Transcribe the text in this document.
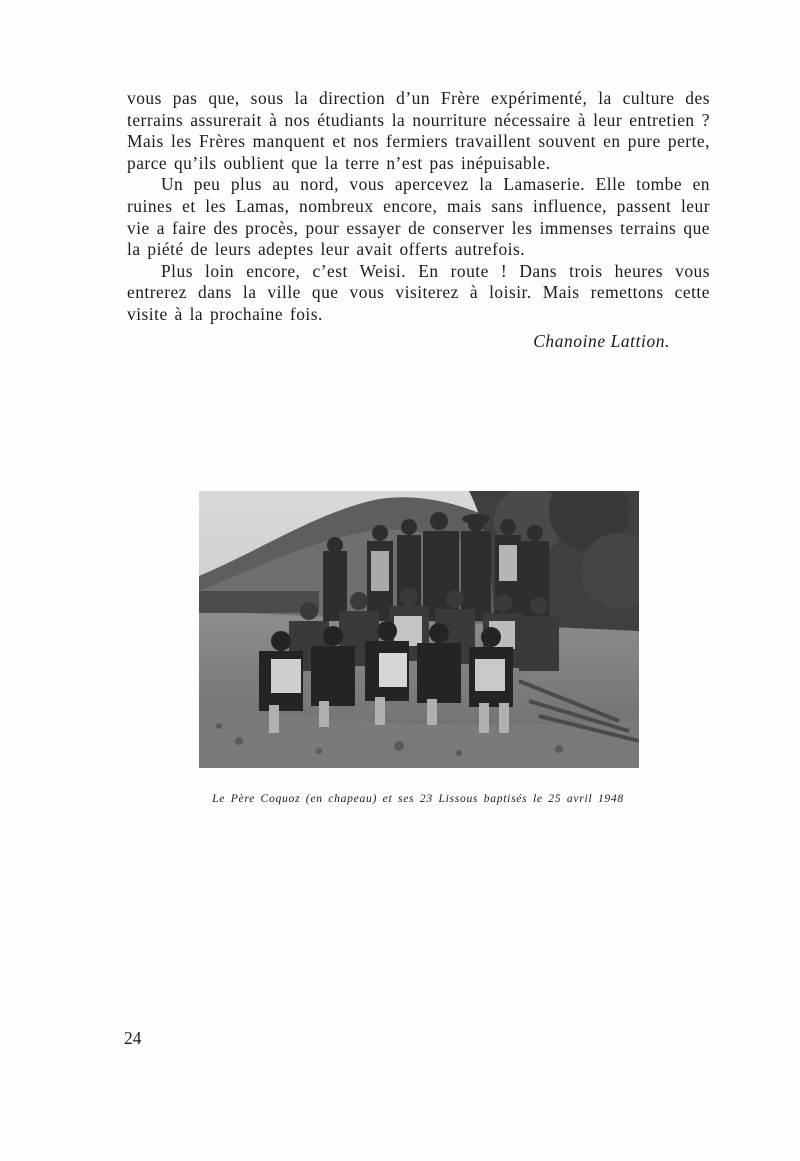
vous pas que, sous la direction d’un Frère expérimenté, la culture des terrains assurerait à nos étudiants la nourriture nécessaire à leur entretien ? Mais les Frères manquent et nos fermiers travaillent souvent en pure perte, parce qu’ils oublient que la terre n’est pas inépuisable.

Un peu plus au nord, vous apercevez la Lamaserie. Elle tombe en ruines et les Lamas, nombreux encore, mais sans influence, passent leur vie a faire des procès, pour essayer de conserver les immenses terrains que la piété de leurs adeptes leur avait offerts autrefois.

Plus loin encore, c’est Weisi. En route ! Dans trois heures vous entrerez dans la ville que vous visiterez à loisir. Mais remettons cette visite à la prochaine fois.

Chanoine Lattion.
Le Père Coquoz (en chapeau) et ses 23 Lissous baptisés le 25 avril 1948
24
